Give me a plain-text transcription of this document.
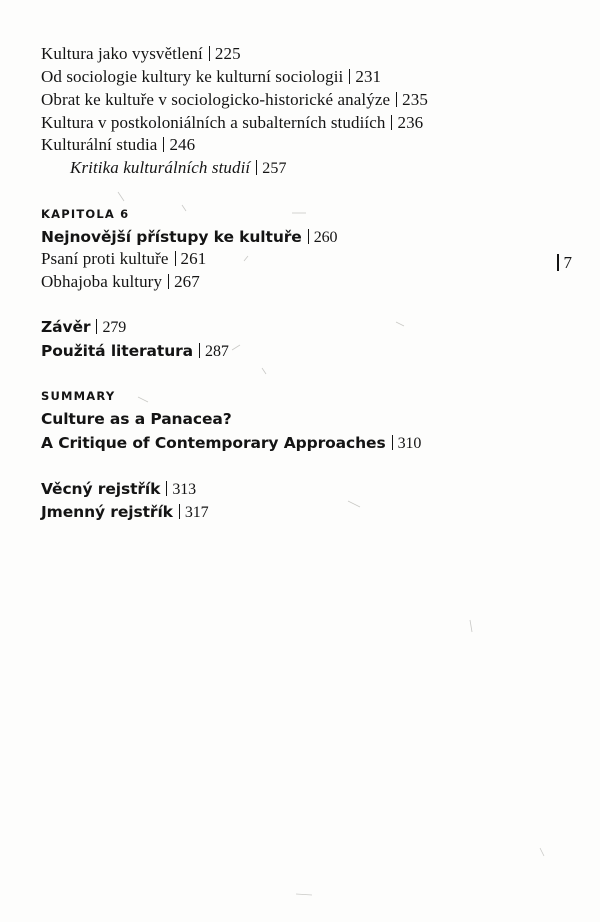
Kultura jako vysvětlení 225
Od sociologie kultury ke kulturní sociologii 231
Obrat ke kultuře v sociologicko-historické analýze 235
Kultura v postkoloniálních a subalterních studiích 236
Kulturální studia 246
Kritika kulturálních studií 257
KAPITOLA 6
Nejnovější přístupy ke kultuře 260
Psaní proti kultuře 261
Obhajoba kultury 267
Závěr 279
Použitá literatura 287
SUMMARY
Culture as a Panacea?
A Critique of Contemporary Approaches 310
Věcný rejstřík 313
Jmenný rejstřík 317
7
